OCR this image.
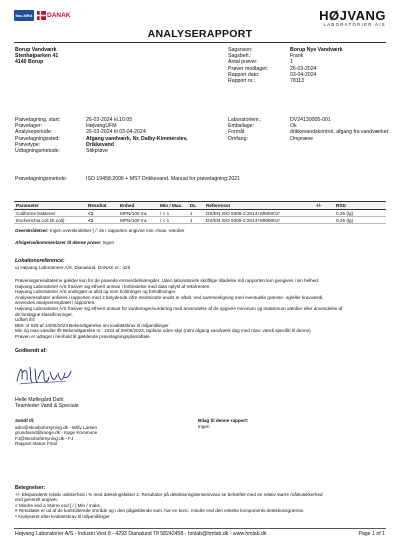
ilac-MRA DANAK	HØJVANG
LABORATORIER A/S
ANALYSERAPPORT
Borup Vandværk
Stenhøjparken 41
4140 Borup
Sagsnavn:	Borup Nye Vandværk
Sagsbeh.:	Frank
Antal prøver:	1
Prøver modtaget:	26-03-2024
Rapport dato:	03-04-2024
Rapport nr.:	78113
Prøvetagning, start:	26-03-2024 kl.10:05
Prøvetager:	HøjvangUFM
Analyseperiode:	26-03-2024 til 03-04-2024
Prøvetagningssted:	Afgang vandværk, Nr. Dalby-Kimmerslev,
Prøvetype:	Drikkevand
Udtagningsmetode:	Stikprøve
Laboratorienr.:	DV24130005-001
Emballage:	Ok
Formål:	drikkevandskontrol, afgang fra vandværket
Omfang:	Ompræve
Prøvetagningsmetode:	ISO 19458:2006 + MST Drikkevand. Manual for prøvetagning:2021
Parameter	Resultat	Enhed	Min / Max.	DL	Referencer	+/-	RSD
Coliforme bakterier	<1	MPN/100 mL	/ < 1	1	DS/EN ISO 9308-2:2014+MM0001*		0,25 (lg)
Escherichia coli (E.coli)	<1	MPN/100 mL	/ < 1	1	DS/EN ISO 9308-2:2014+MM0001*		0,25 (lg)
Overskridelser: Ingen overskridelser [ /: de i rapporten angivne min.-/max.-værdier
Afvigelse/kommentarer til denne prøve: Ingen
Lokationsreference:
u) Højvang Laboratorier A/S, Dianalund. DANAK nr.: 428
Prøveningsresultaterne gælder kun for de prøvede emner/delmængder. Uden laboratoriets skriftlige tilladelse må rapporten kun gengives i sin helhed.
Højvang Laboratorier A/S frasiver sig ethvert ansvar i forbindelse med data oplyst af rekvirenten.
Højvang Laboratorier A/S undegaer ut altid og som holdninger og forlodkninger.
Analyseresultater anføres i rapporten med 2 betydende cifre medmindre andet er aftalt. Ved sammenligning med eventuelle grænse- og/eller kravværdi,
anvendes analyseresultatet i rapporten.
Højvang Laboratorier A/S frasiver sig ethvert ansvar for vurderinger/vurdering med anvendelse af de opgivne minimum og maksimum værdier eller anvendelse af
de forslagne klassificeringer.
Udført iht:
BEK nr 529 af 14/05/2023 Bekendtgørelse om kvalitetskrav til miljømålinger
Min og max-værdier iflt Bekendtgørelse nr.: 1023 af 29/06/2023, tapfane uden skyl (ntmt afgang vandværk dog med max: værdi specifik til denne)
Prøven er udtaget i henhold til gældende prøvetagningsplan/aftale.
Godkendt af:
Helle Møllegård Dahl
Teamleder Vand & Speciale
Sendt til:
adm@skovboforsyning.dk - Willy Larsen
grundvand@koege.dk - Køge Kommune
FJ@skovboforsyning.dk - FJ
Rapport status: Final
Bilag til denne rapport:
Ingen
Betegnelser:
+/- Ekspanderet relativ usikkerhed i % med dækningsfaktor 2. Resultater på detektionsgrænseniveau se behæftet med en relativ større måleusikkerhed
end generelt angivet.
< Mindre end ≥ Større end [ / ] Min / maks.
# Resultatet er ud af de kontrollerede område og i den pågældende sum, har en konc. mindre end den enkelte komponents detektionsgrænse.
* Analyseret efter kvalitetskrav til miljømålinger
Højvang Laboratorier A/S - Industri Vest 8 - 4293 Dianalund Tlf 58242458 - hmlab@hmlab.dk - www.hmlab.dk	Page 1 of 1
